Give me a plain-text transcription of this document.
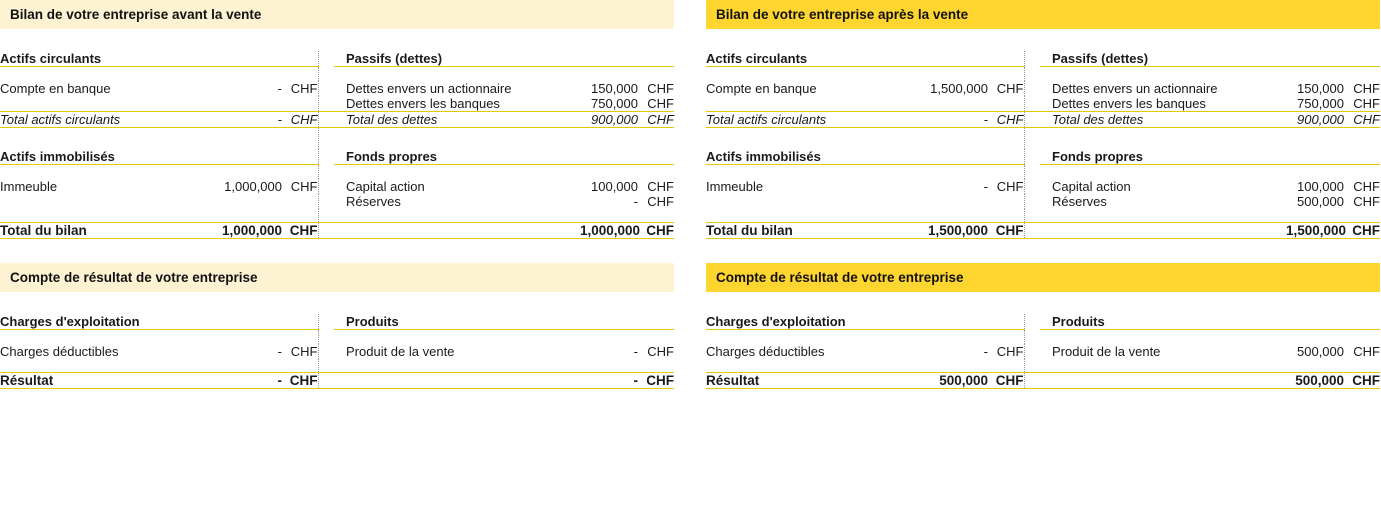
Bilan de votre entreprise avant la vente

Actifs circulants				Passifs (dettes)		

Compte en banque	-	CHF		Dettes envers un actionnaire	150,000	CHF
				Dettes envers les banques	750,000	CHF
Total actifs circulants	-	CHF		Total des dettes	900,000	CHF

Actifs immobilisés				Fonds propres		

Immeuble	1,000,000	CHF		Capital action	100,000	CHF
				Réserves	-	CHF

Total du bilan	1,000,000	CHF			1,000,000	CHF
Compte de résultat de votre entreprise

Charges d'exploitation				Produits		

Charges déductibles	-	CHF		Produit de la vente	-	CHF

Résultat	-	CHF			-	CHF
Bilan de votre entreprise après la vente

Actifs circulants				Passifs (dettes)		

Compte en banque	1,500,000	CHF		Dettes envers un actionnaire	150,000	CHF
				Dettes envers les banques	750,000	CHF
Total actifs circulants	-	CHF		Total des dettes	900,000	CHF

Actifs immobilisés				Fonds propres		

Immeuble	-	CHF		Capital action	100,000	CHF
				Réserves	500,000	CHF

Total du bilan	1,500,000	CHF			1,500,000	CHF
Compte de résultat de votre entreprise

Charges d'exploitation				Produits		

Charges déductibles	-	CHF		Produit de la vente	500,000	CHF

Résultat	500,000	CHF			500,000	CHF
